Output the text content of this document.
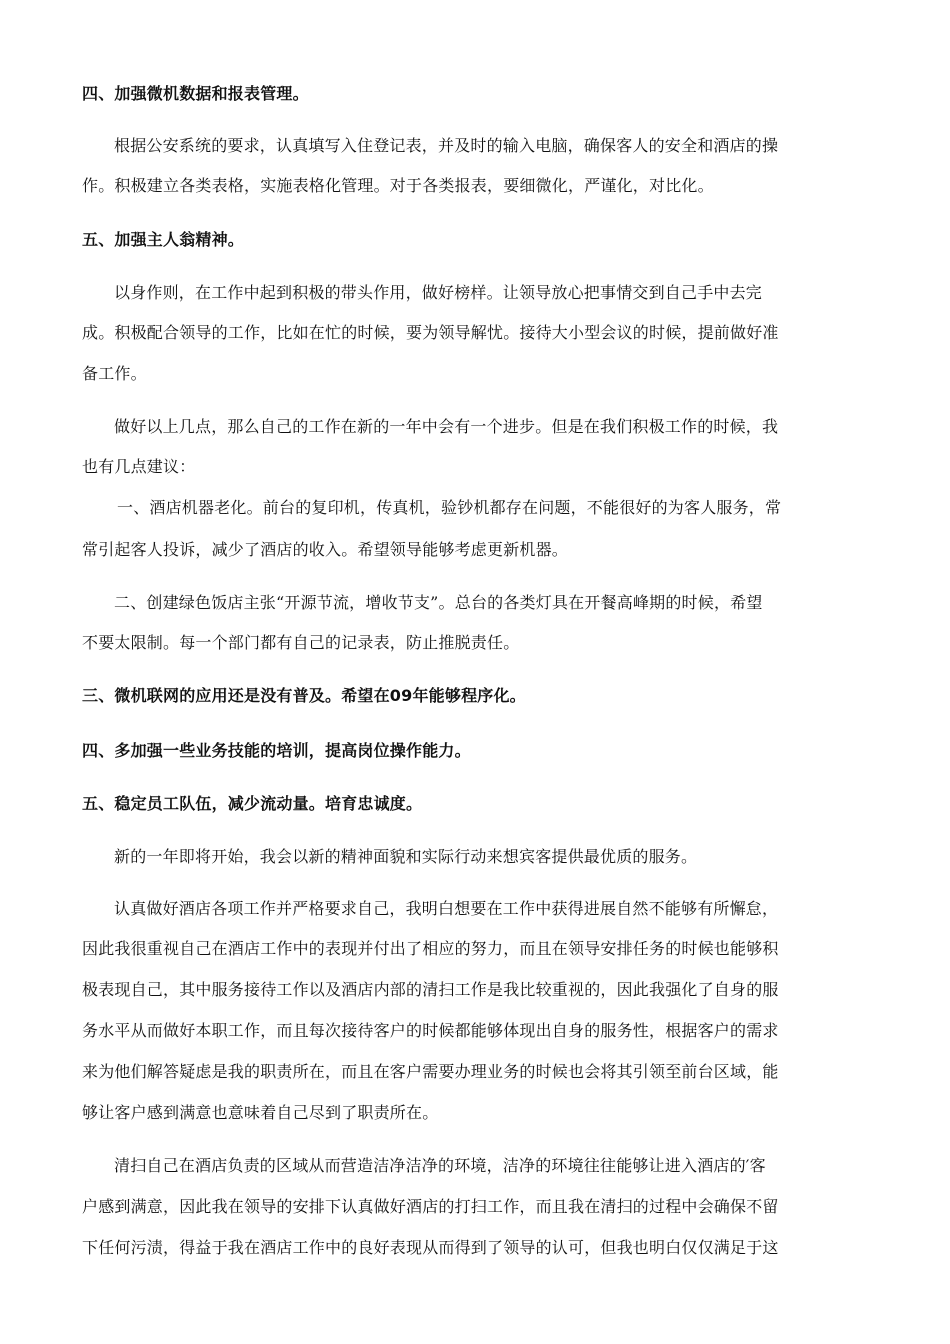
四、加强微机数据和报表管理。
根据公安系统的要求，认真填写入住登记表，并及时的输入电脑，确保客人的安全和酒店的操
作。积极建立各类表格，实施表格化管理。对于各类报表，要细微化，严谨化，对比化。
五、加强主人翁精神。
以身作则，在工作中起到积极的带头作用，做好榜样。让领导放心把事情交到自己手中去完
成。积极配合领导的工作，比如在忙的时候，要为领导解忧。接待大小型会议的时候，提前做好准
备工作。
做好以上几点，那么自己的工作在新的一年中会有一个进步。但是在我们积极工作的时候，我
也有几点建议：
一、酒店机器老化。前台的复印机，传真机，验钞机都存在问题，不能很好的为客人服务，常
常引起客人投诉，减少了酒店的收入。希望领导能够考虑更新机器。
二、创建绿色饭店主张“开源节流，增收节支”。总台的各类灯具在开餐高峰期的时候，希望
不要太限制。每一个部门都有自己的记录表，防止推脱责任。
三、微机联网的应用还是没有普及。希望在09年能够程序化。
四、多加强一些业务技能的培训，提高岗位操作能力。
五、稳定员工队伍，减少流动量。培育忠诚度。
新的一年即将开始，我会以新的精神面貌和实际行动来想宾客提供最优质的服务。
认真做好酒店各项工作并严格要求自己，我明白想要在工作中获得进展自然不能够有所懈怠，
因此我很重视自己在酒店工作中的表现并付出了相应的努力，而且在领导安排任务的时候也能够积
极表现自己，其中服务接待工作以及酒店内部的清扫工作是我比较重视的，因此我强化了自身的服
务水平从而做好本职工作，而且每次接待客户的时候都能够体现出自身的服务性，根据客户的需求
来为他们解答疑虑是我的职责所在，而且在客户需要办理业务的时候也会将其引领至前台区域，能
够让客户感到满意也意味着自己尽到了职责所在。
清扫自己在酒店负责的区域从而营造洁净洁净的环境，洁净的环境往往能够让进入酒店的′客
户感到满意，因此我在领导的安排下认真做好酒店的打扫工作，而且我在清扫的过程中会确保不留
下任何污渍，得益于我在酒店工作中的良好表现从而得到了领导的认可，但我也明白仅仅满足于这
